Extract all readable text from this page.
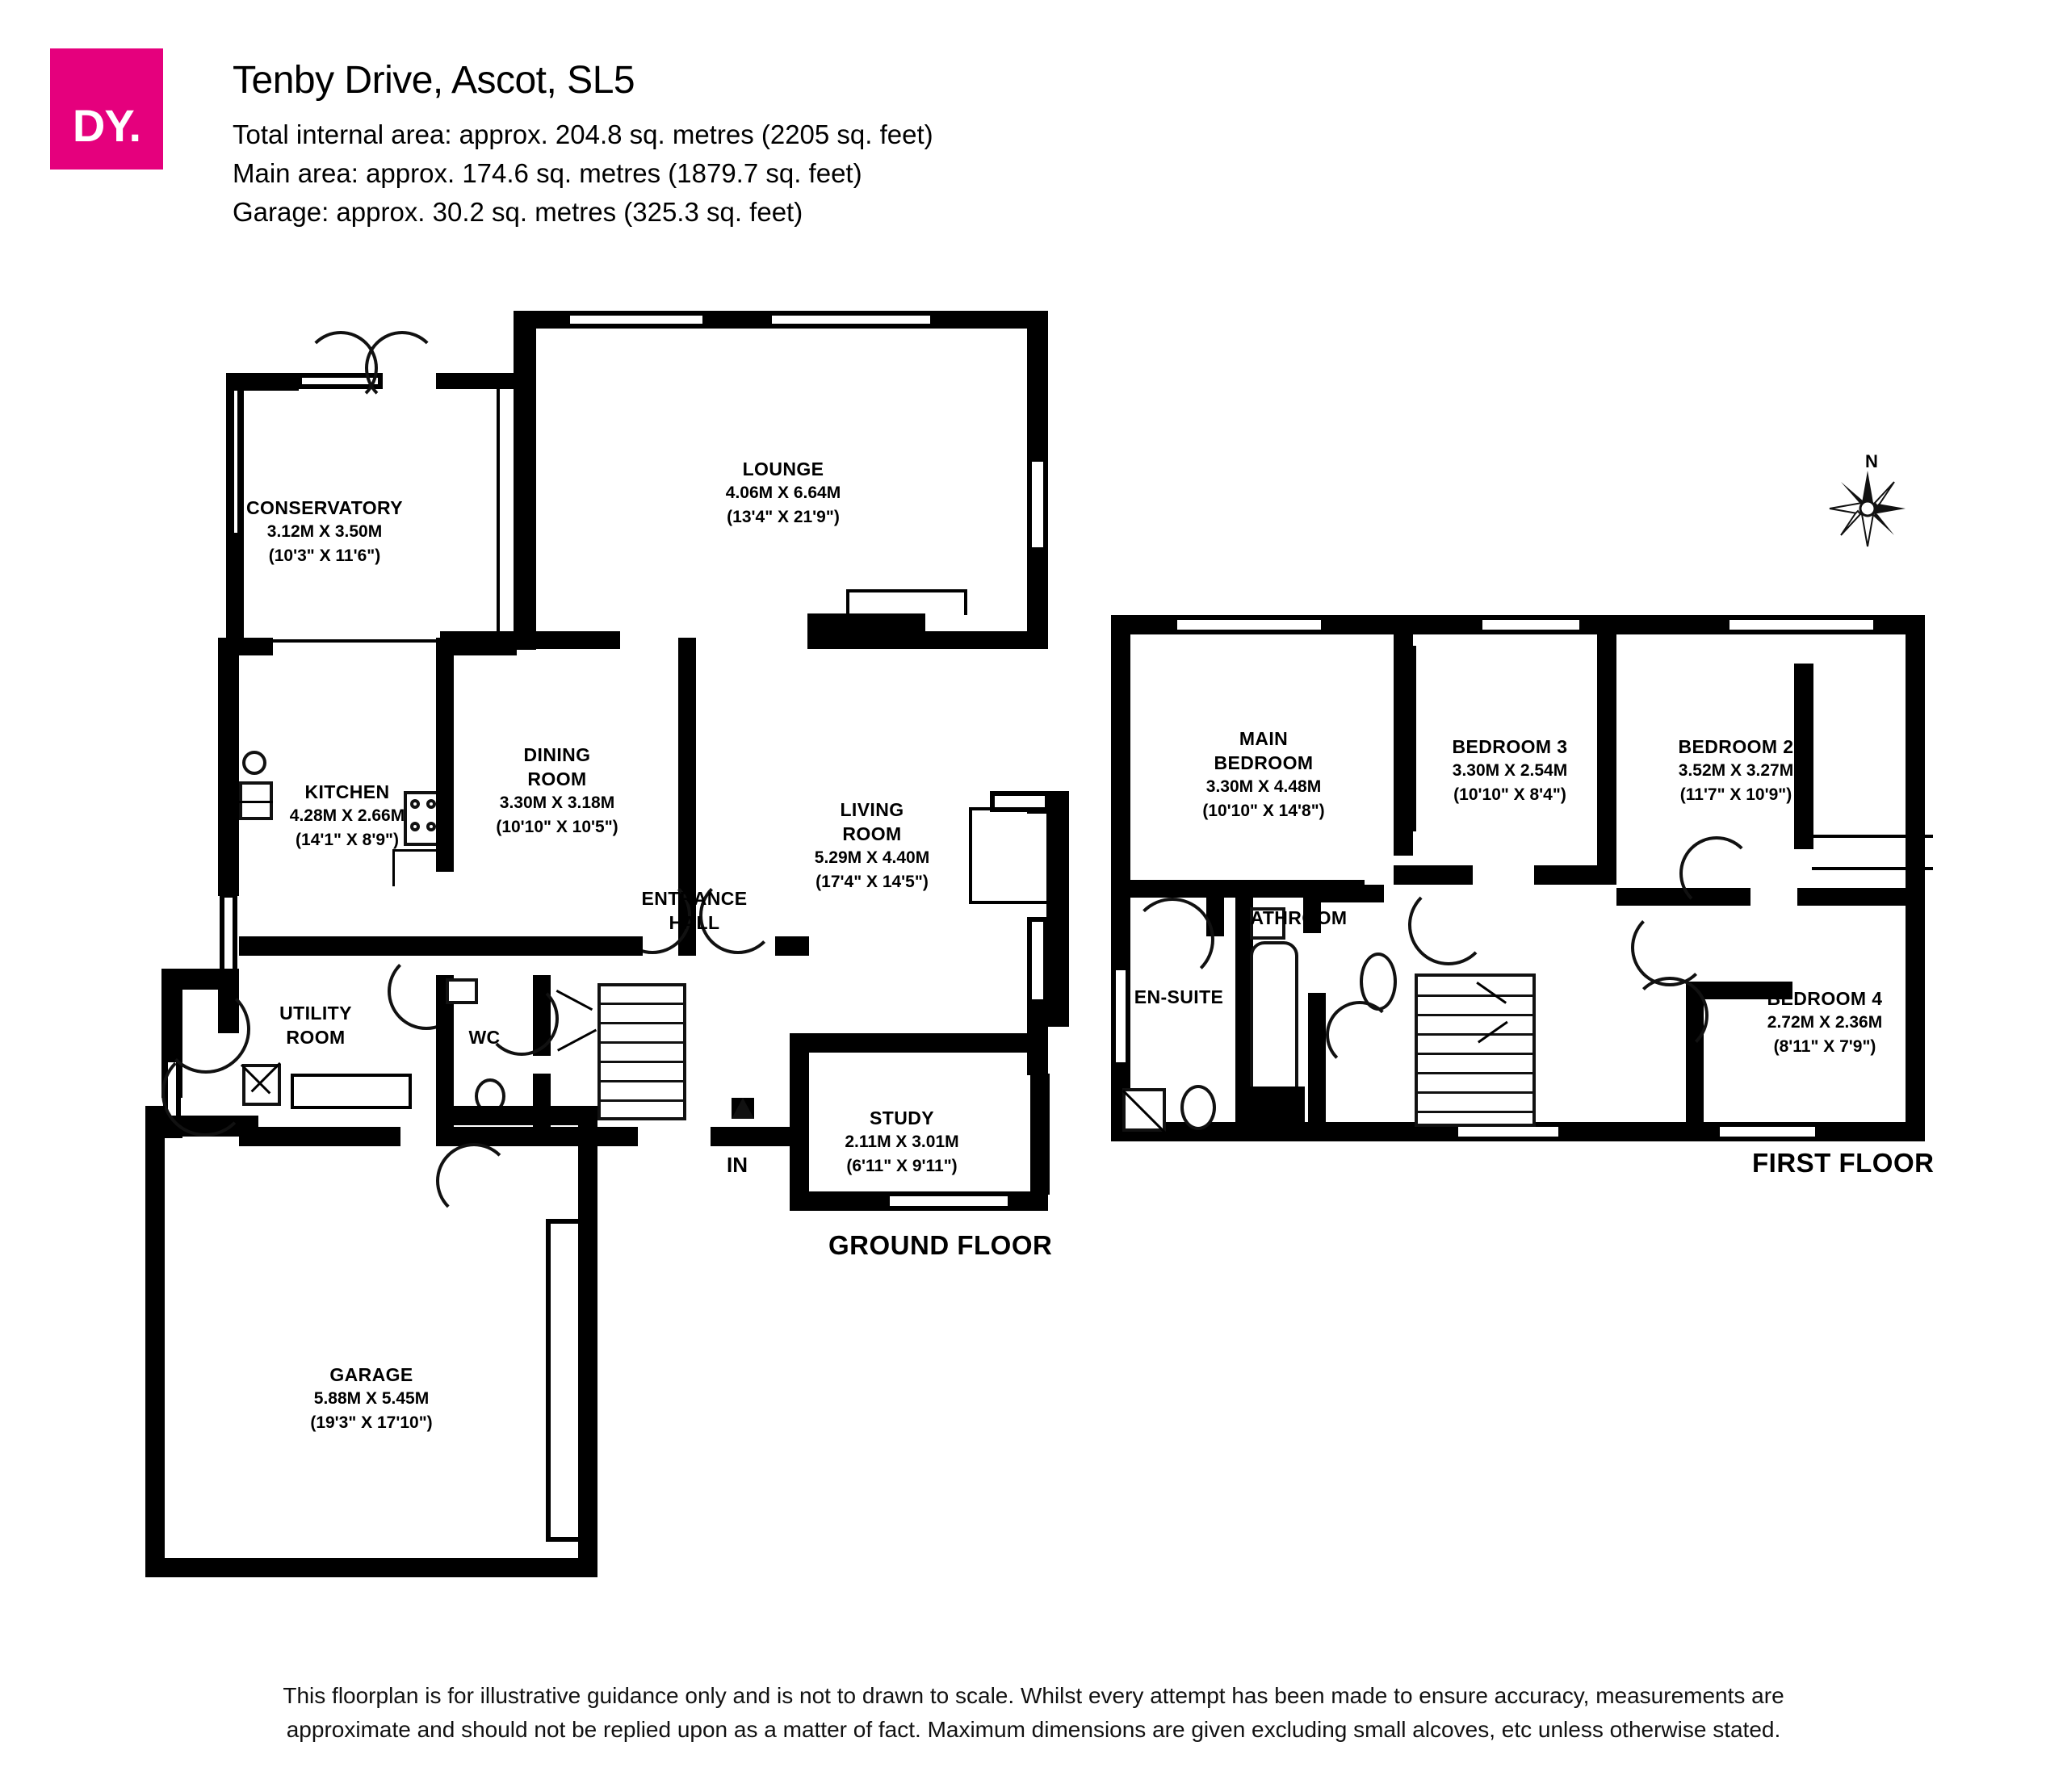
DY.
Tenby Drive, Ascot, SL5
Total internal area: approx. 204.8 sq. metres (2205 sq. feet)
Main area: approx. 174.6 sq. metres (1879.7 sq. feet)
Garage: approx. 30.2 sq. metres (325.3 sq. feet)
IN
CONSERVATORY
3.12M X 3.50M
(10'3" X 11'6")
LOUNGE
4.06M X 6.64M
(13'4" X 21'9")
KITCHEN
4.28M X 2.66M
(14'1" X 8'9")
DINING
ROOM
3.30M X 3.18M
(10'10" X 10'5")
LIVING
ROOM
5.29M X 4.40M
(17'4" X 14'5")
ENTRANCE
HALL
UTILITY
ROOM	WC
STUDY
2.11M X 3.01M
(6'11" X 9'11")
GARAGE
5.88M X 5.45M
(19'3" X 17'10")
GROUND FLOOR
MAIN
BEDROOM
3.30M X 4.48M
(10'10" X 14'8")
BEDROOM 3
3.30M X 2.54M
(10'10" X 8'4")
BEDROOM 2
3.52M X 3.27M
(11'7" X 10'9")
BEDROOM 4
2.72M X 2.36M
(8'11" X 7'9")
BATHROOM
EN-SUITE
FIRST FLOOR
N
This floorplan is for illustrative guidance only and is not to drawn to scale. Whilst every attempt has been made to ensure accuracy, measurements are
approximate and should not be replied upon as a matter of fact. Maximum dimensions are given excluding small alcoves, etc unless otherwise stated.
